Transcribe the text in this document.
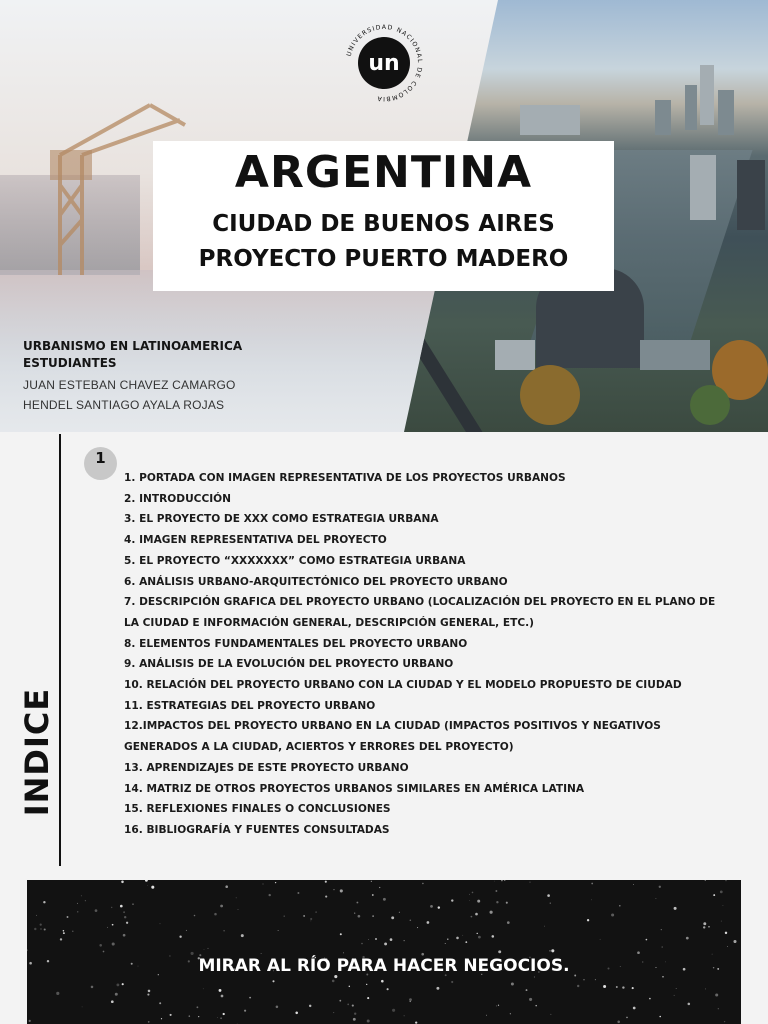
un
UNIVERSIDAD NACIONAL DE COLOMBIA
ARGENTINA
CIUDAD DE BUENOS AIRES
PROYECTO PUERTO MADERO
URBANISMO EN LATINOAMERICA
ESTUDIANTES
JUAN ESTEBAN CHAVEZ CAMARGO
HENDEL SANTIAGO AYALA ROJAS
INDICE
1
1. PORTADA CON IMAGEN REPRESENTATIVA DE LOS PROYECTOS URBANOS
2. INTRODUCCIÓN
3. EL PROYECTO DE XXX COMO ESTRATEGIA URBANA
4. IMAGEN REPRESENTATIVA DEL PROYECTO
5. EL PROYECTO “XXXXXXX” COMO ESTRATEGIA URBANA
6. ANÁLISIS URBANO-ARQUITECTÓNICO DEL PROYECTO URBANO
7. DESCRIPCIÓN GRAFICA DEL PROYECTO URBANO (LOCALIZACIÓN DEL PROYECTO EN EL PLANO DE
LA CIUDAD E INFORMACIÓN GENERAL, DESCRIPCIÓN GENERAL, ETC.)
8. ELEMENTOS FUNDAMENTALES DEL PROYECTO URBANO
9. ANÁLISIS DE LA EVOLUCIÓN DEL PROYECTO URBANO
10. RELACIÓN DEL PROYECTO URBANO CON LA CIUDAD Y EL MODELO PROPUESTO DE CIUDAD
11. ESTRATEGIAS DEL PROYECTO URBANO
12.IMPACTOS DEL PROYECTO URBANO EN LA CIUDAD (IMPACTOS POSITIVOS Y NEGATIVOS
GENERADOS A LA CIUDAD, ACIERTOS Y ERRORES DEL PROYECTO)
13. APRENDIZAJES DE ESTE PROYECTO URBANO
14. MATRIZ DE OTROS PROYECTOS URBANOS SIMILARES EN AMÉRICA LATINA
15. REFLEXIONES FINALES O CONCLUSIONES
16. BIBLIOGRAFÍA Y FUENTES CONSULTADAS
MIRAR AL RÍO PARA HACER NEGOCIOS.
